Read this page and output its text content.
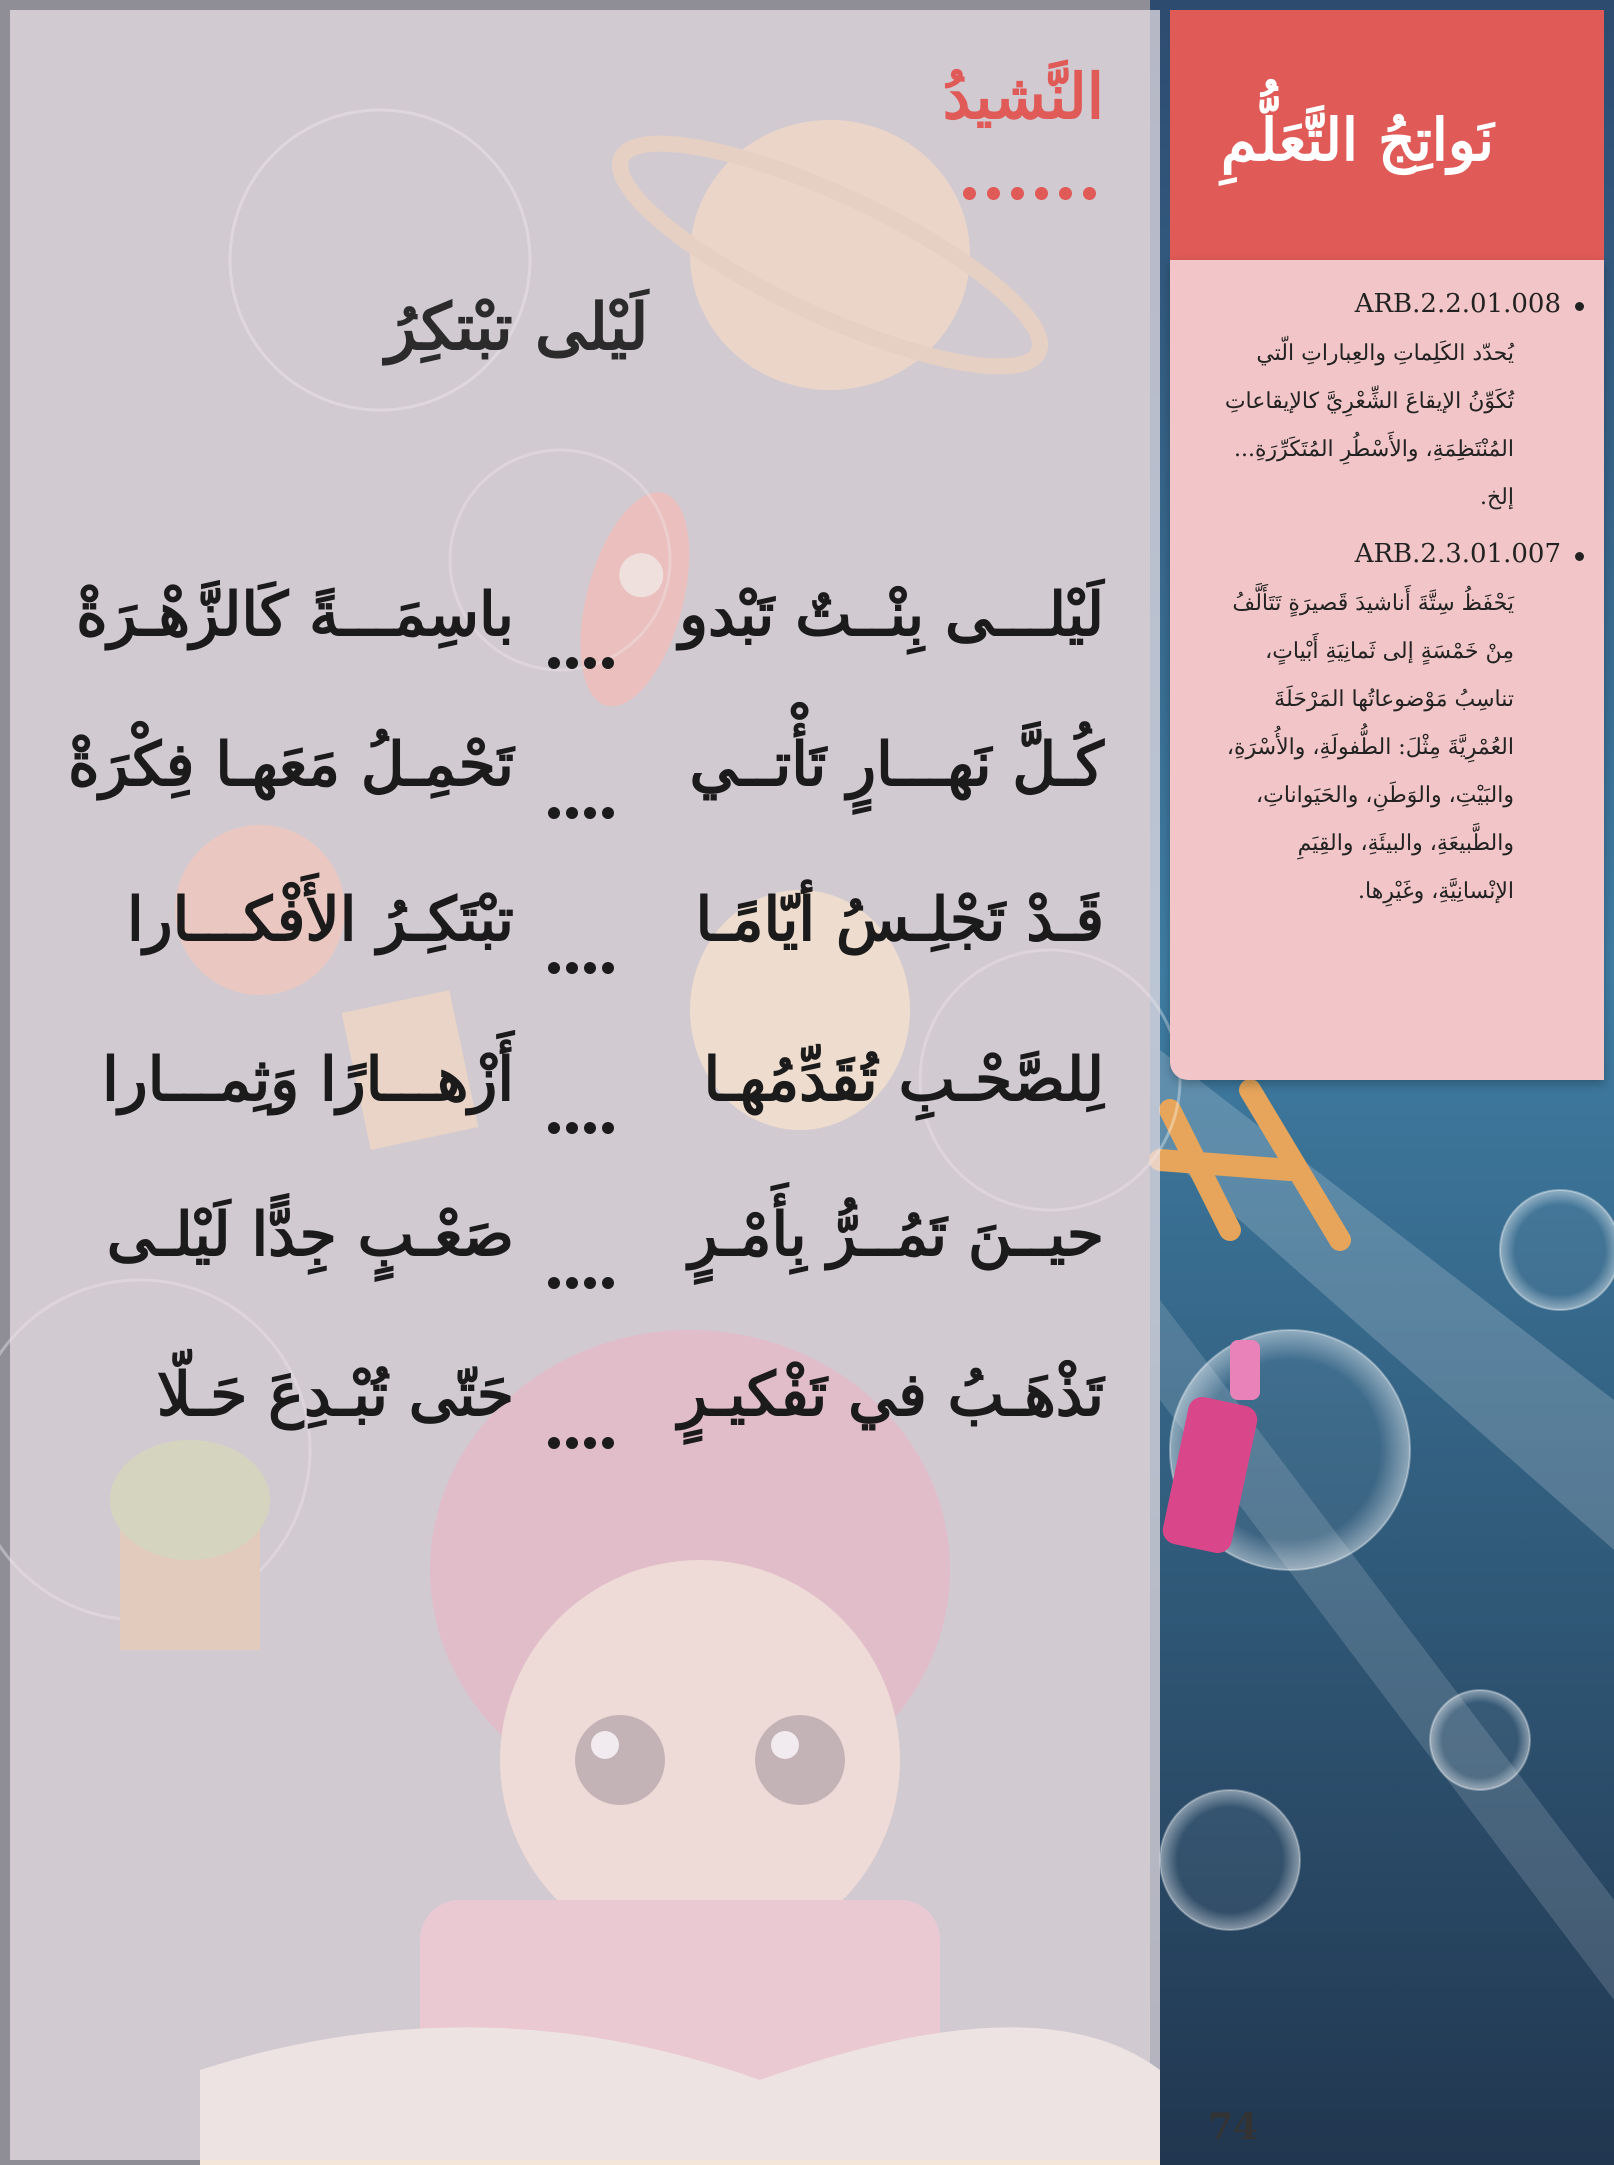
النَّشيدُ
لَيْلى تبْتكِرُ
لَيْلـــى بِنْــتٌ تَبْدو
باسِمَـــةً كَالزَّهْـرَةْ
كُـلَّ نَهـــارٍ تَأْتــي
تَحْمِـلُ مَعَهـا فِكْرَةْ
قَـدْ تَجْلِـسُ أيّامًـا
تبْتَكِـرُ الأَفْكـــارا
لِلصَّحْـبِ تُقَدِّمُهـا
أَزْهـــارًا وَثِمـــارا
حيــنَ تَمُــرُّ بِأَمْـرٍ
صَعْـبٍ جِدًّا لَيْلـى
تَذْهَـبُ في تَفْكيـرٍ
حَتّى تُبْـدِعَ حَـلّا
نَواتِجُ التَّعَلُّمِ
ARB.2.2.01.008
يُحدّد الكَلِماتِ والعِباراتِ الّتي تُكَوِّنُ الإيقاعَ الشِّعْرِيَّ كالإيقاعاتِ المُنْتَظِمَةِ، والأَسْطُرِ المُتَكَرِّرَةِ... إلخ.
ARB.2.3.01.007
يَحْفَظُ سِتَّةَ أَناشيدَ قَصيرَةٍ تَتَأَلَّفُ مِنْ خَمْسَةٍ إلى ثَمانِيَةِ أَبْياتٍ، تناسِبُ مَوْضوعاتُها المَرْحَلَةَ العُمْرِيَّةَ مِثْلَ: الطُّفولَةِ، والأُسْرَةِ، والبَيْتِ، والوَطَنِ، والحَيَواناتِ، والطَّبيعَةِ، والبيئَةِ، والقِيَمِ الإنْسانِيَّةِ، وغَيْرِها.
74
